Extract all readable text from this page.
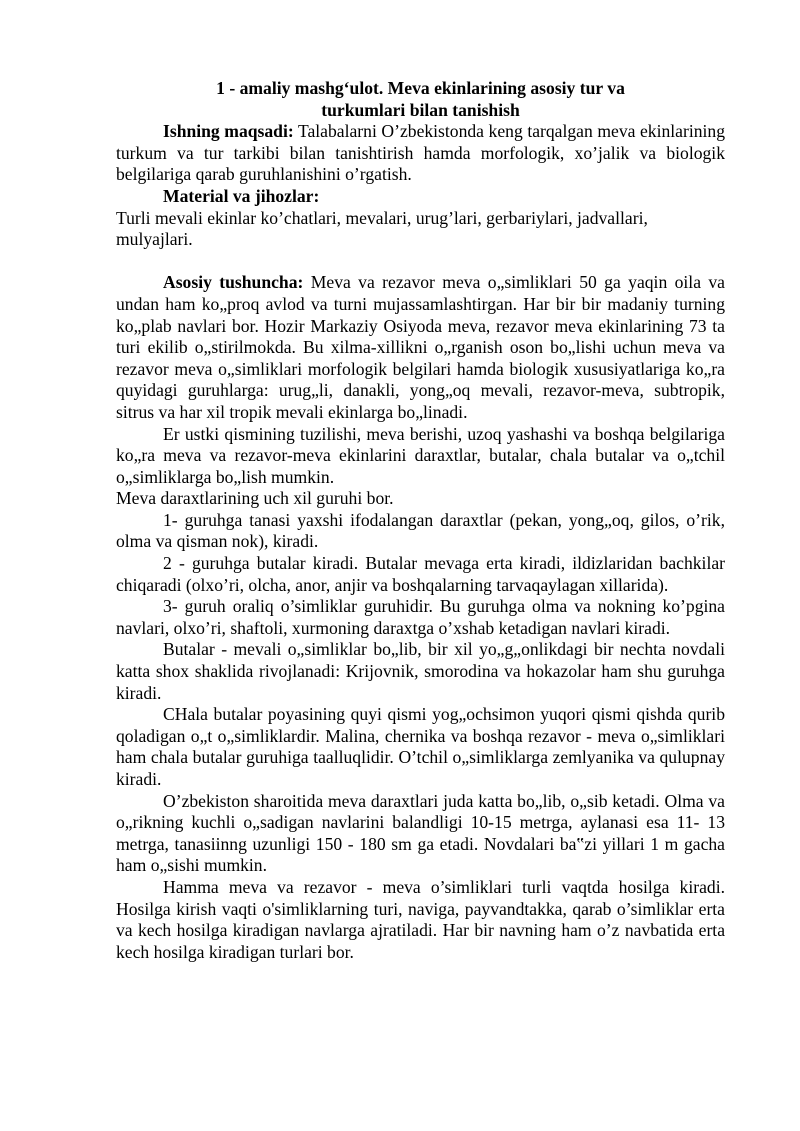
1 - amaliy mashg‘ulot. Meva ekinlarining asosiy tur va
turkumlari bilan tanishish

Ishning maqsadi: Talabalarni O’zbekistonda keng tarqalgan meva ekinlarining turkum va tur tarkibi bilan tanishtirish hamda morfologik, xo’jalik va biologik belgilariga qarab guruhlanishini o’rgatish.

Material va jihozlar:

Turli mevali ekinlar ko’chatlari, mevalari, urug’lari, gerbariylari, jadvallari,

mulyajlari.

Asosiy tushuncha: Meva va rezavor meva o„simliklari 50 ga yaqin oila va undan ham ko„proq avlod va turni mujassamlashtirgan. Har bir bir madaniy turning ko„plab navlari bor. Hozir Markaziy Osiyoda meva, rezavor meva ekinlarining 73 ta turi ekilib o„stirilmokda. Bu xilma-xillikni o„rganish oson bo„lishi uchun meva va rezavor meva o„simliklari morfologik belgilari hamda biologik xususiyatlariga ko„ra quyidagi guruhlarga: urug„li, danakli, yong„oq mevali, rezavor-meva, subtropik, sitrus va har xil tropik mevali ekinlarga bo„linadi.

Er ustki qismining tuzilishi, meva berishi, uzoq yashashi va boshqa belgilariga ko„ra meva va rezavor-meva ekinlarini daraxtlar, butalar, chala butalar va o„tchil o„simliklarga bo„lish mumkin.

Meva daraxtlarining uch xil guruhi bor.

1- guruhga tanasi yaxshi ifodalangan daraxtlar (pekan, yong„oq, gilos, o’rik, olma va qisman nok), kiradi.

2 - guruhga butalar kiradi. Butalar mevaga erta kiradi, ildizlaridan bachkilar chiqaradi (olxo’ri, olcha, anor, anjir va boshqalarning tarvaqaylagan xillarida).

3- guruh oraliq o’simliklar guruhidir. Bu guruhga olma va nokning ko’pgina navlari, olxo’ri, shaftoli, xurmoning daraxtga o’xshab ketadigan navlari kiradi.

Butalar - mevali o„simliklar bo„lib, bir xil yo„g„onlikdagi bir nechta novdali katta shox shaklida rivojlanadi: Krijovnik, smorodina va hokazolar ham shu guruhga kiradi.

CHala butalar poyasining quyi qismi yog„ochsimon yuqori qismi qishda qurib qoladigan o„t o„simliklardir. Malina, chernika va boshqa rezavor - meva o„simliklari ham chala butalar guruhiga taalluqlidir. O’tchil o„simliklarga zemlyanika va qulupnay kiradi.

O’zbekiston sharoitida meva daraxtlari juda katta bo„lib, o„sib ketadi. Olma va o„rikning kuchli o„sadigan navlarini balandligi 10-15 metrga, aylanasi esa 11- 13 metrga, tanasiinng uzunligi 150 - 180 sm ga etadi. Novdalari ba‟zi yillari 1 m gacha ham o„sishi mumkin.

Hamma meva va rezavor - meva o’simliklari turli vaqtda hosilga kiradi. Hosilga kirish vaqti o'simliklarning turi, naviga, payvandtakka, qarab o’simliklar erta va kech hosilga kiradigan navlarga ajratiladi. Har bir navning ham o’z navbatida erta kech hosilga kiradigan turlari bor.
